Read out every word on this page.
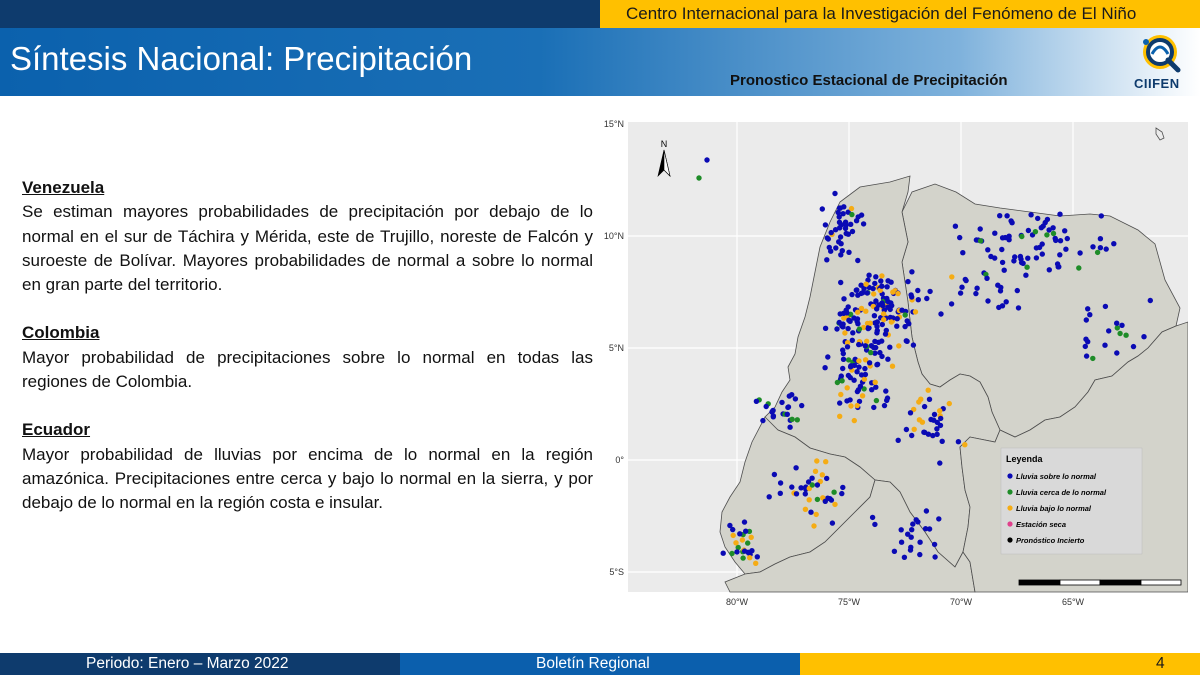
Centro Internacional para la Investigación del Fenómeno de El Niño
Síntesis Nacional: Precipitación
Pronostico Estacional de Precipitación	CIIFEN
Venezuela
Se estiman mayores probabilidades de precipitación por debajo de lo normal en el sur de Táchira y Mérida, este de Trujillo, noreste de Falcón y suroeste de Bolívar. Mayores probabilidades de normal a sobre lo normal en gran parte del territorio.
Colombia
Mayor probabilidad de precipitaciones sobre lo normal en todas las regiones de Colombia.
Ecuador
Mayor probabilidad de lluvias por encima de lo normal en la región amazónica. Precipitaciones entre cerca y bajo lo normal en la sierra, y por debajo de lo normal en la región costa e insular.
N
15°N
10°N
5°N
0°
5°S
80°W	75°W	70°W	65°W
Leyenda
Lluvia sobre lo normal
Lluvia cerca de lo normal
Lluvia bajo lo normal
Estación seca
Pronóstico Incierto
Periodo: Enero – Marzo 2022	Boletín Regional	4
